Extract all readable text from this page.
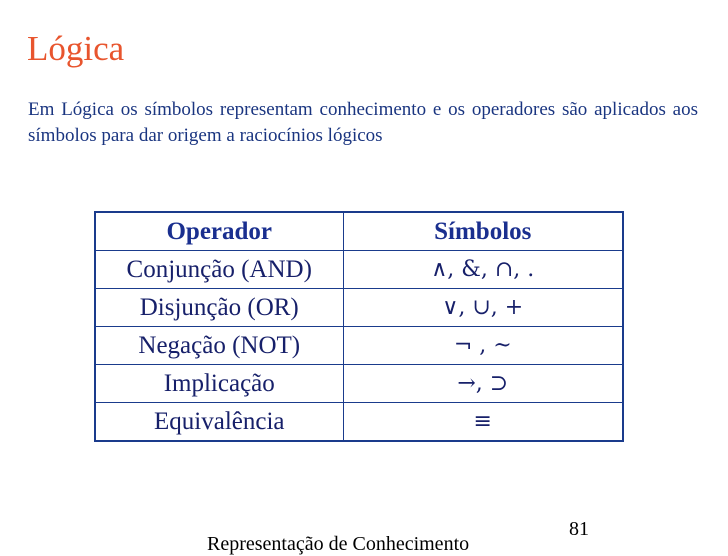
Lógica

Em Lógica os símbolos representam conhecimento e os operadores são aplicados aos símbolos para dar origem a raciocínios lógicos

Operador	Símbolos
Conjunção (AND)	∧, &, ∩, .
Disjunção (OR)	∨, ∪, +
Negação (NOT)	¬ , ~
Implicação	→, ⊃
Equivalência	≡
81
Representação de Conhecimento
